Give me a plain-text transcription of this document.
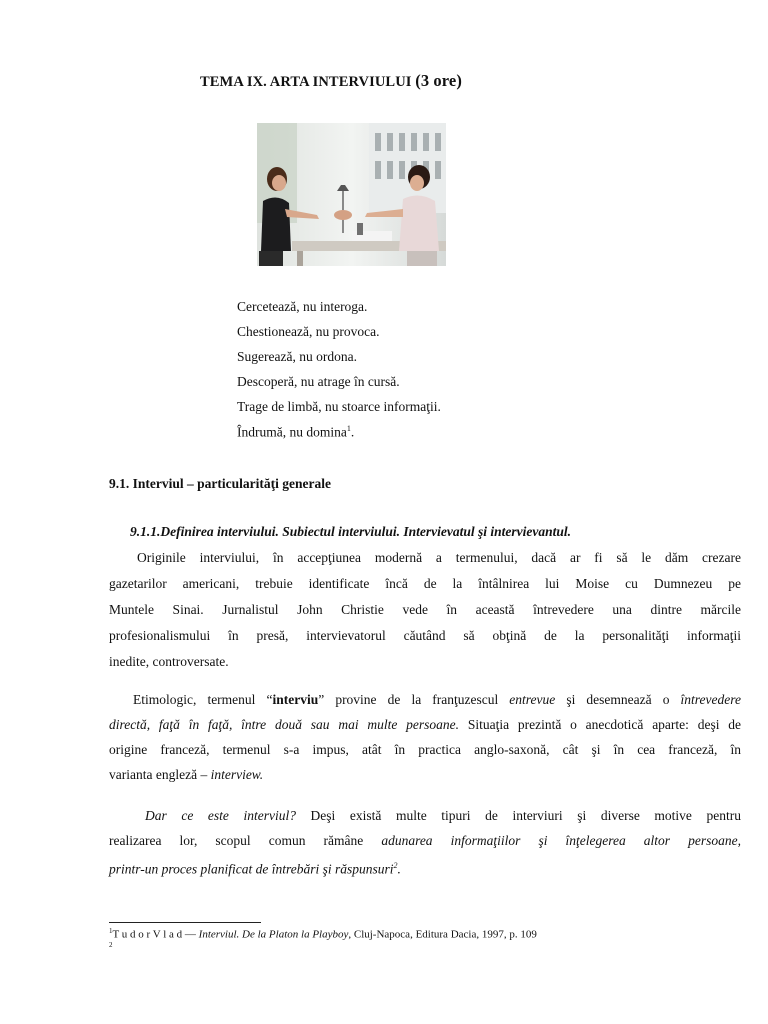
TEMA IX. ARTA INTERVIULUI (3 ore)
Cercetează, nu interoga.
Chestionează, nu provoca.
Sugerează, nu ordona.
Descoperă, nu atrage în cursă.
Trage de limbă, nu stoarce informaţii.
Îndrumă, nu domina$^1$.
9.1. Interviul – particularităţi generale
9.1.1.Definirea interviului. Subiectul interviului. Intervievatul şi intervievantul.
Originile interviului, în accepţiunea modernă a termenului, dacă ar fi să le dăm crezare
gazetarilor americani, trebuie identificate încă de la întâlnirea lui Moise cu Dumnezeu pe
Muntele Sinai. Jurnalistul John Christie vede în această întrevedere una dintre mărcile
profesionalismului în presă, intervievatorul căutând să obţină de la personalităţi informaţii
inedite, controversate.
Etimologic, termenul “interviu” provine de la franţuzescul entrevue şi desemnează o întrevedere
directă, faţă în faţă, între două sau mai multe persoane. Situaţia prezintă o anecdotică aparte: deşi de
origine franceză, termenul s-a impus, atât în practica anglo-saxonă, cât şi în cea franceză, în
varianta engleză – interview.
Dar ce este interviul? Deşi există multe tipuri de interviuri şi diverse motive pentru
realizarea lor, scopul comun rămâne adunarea informaţiilor şi înţelegerea altor persoane,
printr-un proces planificat de întrebări şi răspunsuri$^2$.
$^1$T u d o r V l a d — Interviul. De la Platon la Playboy, Cluj-Napoca, Editura Dacia, 1997, p. 109
2
